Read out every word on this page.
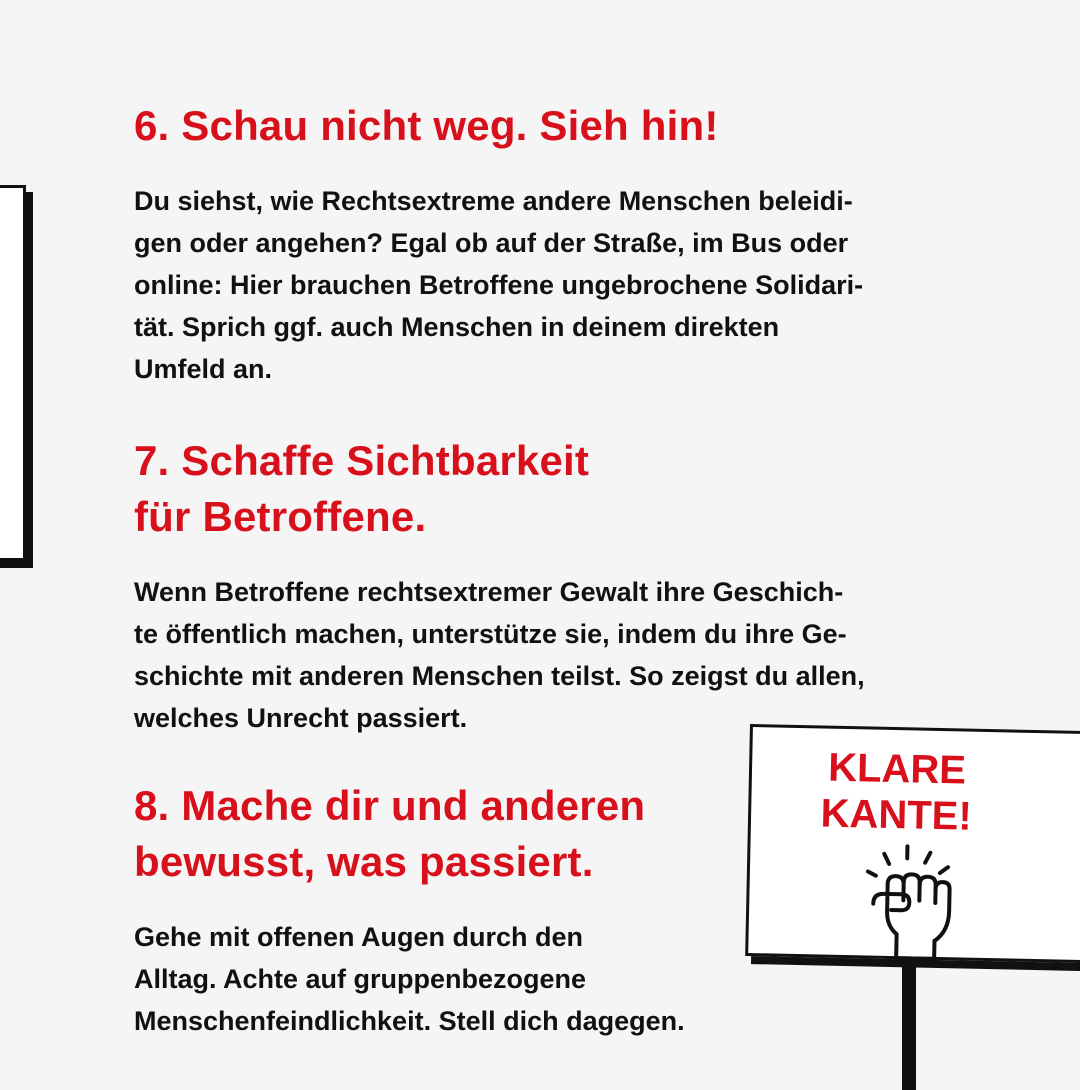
6. Schau nicht weg. Sieh hin!

Du siehst, wie Rechtsextreme andere Menschen beleidi-
gen oder angehen? Egal ob auf der Straße, im Bus oder
online: Hier brauchen Betroffene ungebrochene Solidari-
tät. Sprich ggf. auch Menschen in deinem direkten
Umfeld an.

7. Schaffe Sichtbarkeit
für Betroffene.

Wenn Betroffene rechtsextremer Gewalt ihre Geschich-
te öffentlich machen, unterstütze sie, indem du ihre Ge-
schichte mit anderen Menschen teilst. So zeigst du allen,
welches Unrecht passiert.

8. Mache dir und anderen
bewusst, was passiert.

Gehe mit offenen Augen durch den
Alltag. Achte auf gruppenbezogene
Menschenfeindlichkeit. Stell dich dagegen.

KLARE
KANTE!
